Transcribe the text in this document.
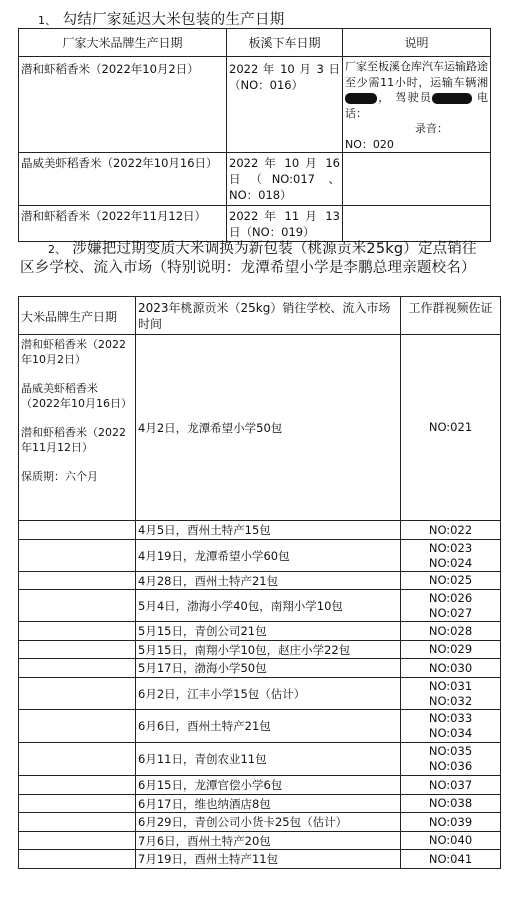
1、 勾结厂家延迟大米包装的生产日期
厂家大米品牌生产日期	板溪下车日期	说明
潜和虾稻香米（2022年10月2日）	2022 年 10 月 3 日（NO：016）	厂家至板溪仓库汽车运输路途至少需11小时，运输车辆湘， 驾驶员 电话：
录音：
NO：020
晶威美虾稻香米（2022年10月16日）	2022 年 10 月 16 日（NO:017 、 NO：018）	
潜和虾稻香米（2022年11月12日）	2022 年 11 月 13 日（NO：019）	
2、 涉嫌把过期变质大米调换为新包装（桃源贡米25kg）定点销往区乡学校、流入市场（特别说明：龙潭希望小学是李鹏总理亲题校名）
大米品牌生产日期	2023年桃源贡米（25kg）销往学校、流入市场时间	工作群视频佐证

潜和虾稻香米（2022年10月2日）
晶威美虾稻香米（2022年10月16日）
潜和虾稻香米（2022年11月12日）
保质期：六个月	4月2日，龙潭希望小学50包	NO:021
	4月5日，酉州土特产15包	NO:022
	4月19日，龙潭希望小学60包	NO:023
NO:024

	4月28日，酉州土特产21包	NO:025
	5月4日，渤海小学40包，南翔小学10包	NO:026
NO:027

	5月15日，青创公司21包	NO:028
	5月15日，南翔小学10包，赵庄小学22包	NO:029
	5月17日，渤海小学50包	NO:030
	6月2日，江丰小学15包（估计）	NO:031
NO:032

	6月6日，酉州土特产21包	NO:033
NO:034

	6月11日，青创农业11包	NO:035
NO:036

	6月15日，龙潭官偿小学6包	NO:037
	6月17日，维也纳酒店8包	NO:038
	6月29日，青创公司小货卡25包（估计）	NO:039
	7月6日，酉州土特产20包	NO:040
	7月19日，酉州土特产11包	NO:041
